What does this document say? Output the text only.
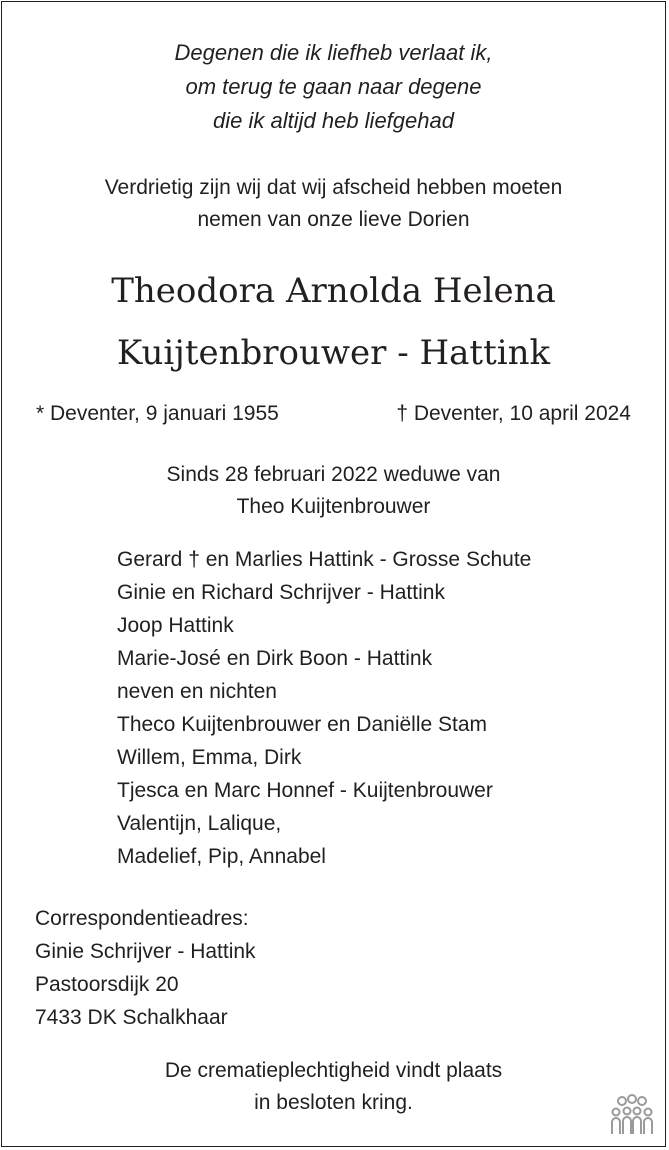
Degenen die ik liefheb verlaat ik,
om terug te gaan naar degene
die ik altijd heb liefgehad
Verdrietig zijn wij dat wij afscheid hebben moeten
nemen van onze lieve Dorien
Theodora Arnolda Helena
Kuijtenbrouwer - Hattink
* Deventer, 9 januari 1955	† Deventer, 10 april 2024
Sinds 28 februari 2022 weduwe van
Theo Kuijtenbrouwer
Gerard † en Marlies Hattink - Grosse Schute
Ginie en Richard Schrijver - Hattink
Joop Hattink
Marie-José en Dirk Boon - Hattink
neven en nichten
Theco Kuijtenbrouwer en Daniëlle Stam
Willem, Emma, Dirk
Tjesca en Marc Honnef - Kuijtenbrouwer
Valentijn, Lalique,
Madelief, Pip, Annabel
Correspondentieadres:
Ginie Schrijver - Hattink
Pastoorsdijk 20
7433 DK Schalkhaar
De crematieplechtigheid vindt plaats
in besloten kring.
